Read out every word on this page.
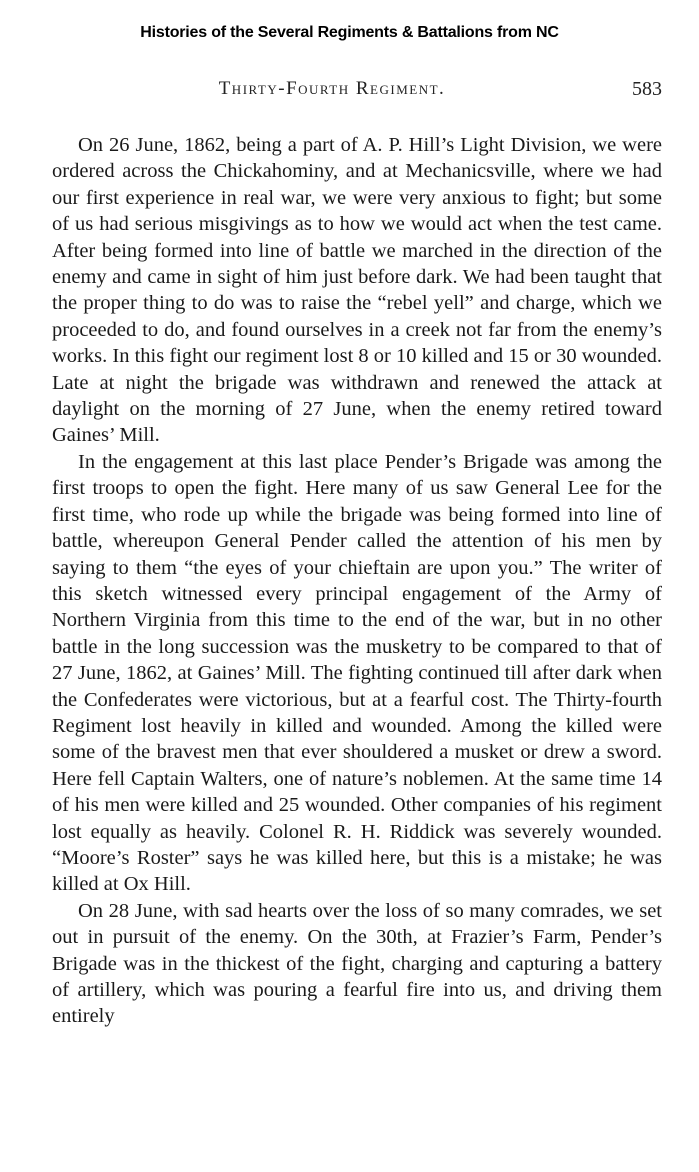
Histories of the Several Regiments & Battalions from NC
Thirty-Fourth Regiment.	583

On 26 June, 1862, being a part of A. P. Hill’s Light Division, we were ordered across the Chickahominy, and at Mechanicsville, where we had our first experience in real war, we were very anxious to fight; but some of us had serious misgivings as to how we would act when the test came. After being formed into line of battle we marched in the direction of the enemy and came in sight of him just before dark. We had been taught that the proper thing to do was to raise the “rebel yell” and charge, which we proceeded to do, and found ourselves in a creek not far from the enemy’s works. In this fight our regiment lost 8 or 10 killed and 15 or 30 wounded. Late at night the brigade was withdrawn and renewed the attack at daylight on the morning of 27 June, when the enemy retired toward Gaines’ Mill.

In the engagement at this last place Pender’s Brigade was among the first troops to open the fight. Here many of us saw General Lee for the first time, who rode up while the brigade was being formed into line of battle, whereupon General Pender called the attention of his men by saying to them “the eyes of your chieftain are upon you.” The writer of this sketch witnessed every principal engagement of the Army of Northern Virginia from this time to the end of the war, but in no other battle in the long succession was the musketry to be compared to that of 27 June, 1862, at Gaines’ Mill. The fighting continued till after dark when the Confederates were victorious, but at a fearful cost. The Thirty-fourth Regiment lost heavily in killed and wounded. Among the killed were some of the bravest men that ever shouldered a musket or drew a sword. Here fell Captain Walters, one of nature’s noblemen. At the same time 14 of his men were killed and 25 wounded. Other companies of his regiment lost equally as heavily. Colonel R. H. Riddick was severely wounded. “Moore’s Roster” says he was killed here, but this is a mistake; he was killed at Ox Hill.

On 28 June, with sad hearts over the loss of so many comrades, we set out in pursuit of the enemy. On the 30th, at Frazier’s Farm, Pender’s Brigade was in the thickest of the fight, charging and capturing a battery of artillery, which was pouring a fearful fire into us, and driving them entirely
